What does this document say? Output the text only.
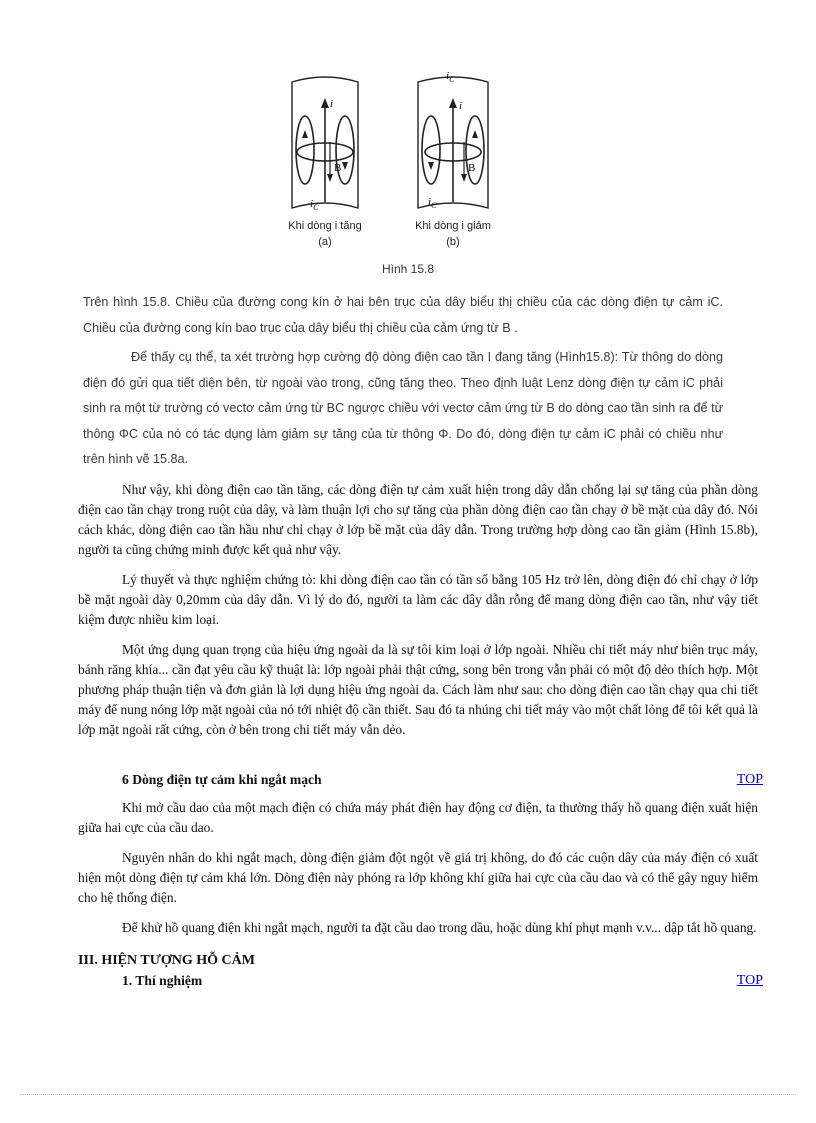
i
B
$i_C$
Khi dòng i tăng
(a)
$i_C$
i
B
$i_C$
Khi dòng i giảm
(b)
Hình 15.8

Trên hình 15.8. Chiều của đường cong kín ở hai bên trục của dây biểu thị chiều của các dòng điện tự cảm iC. Chiều của đường cong kín bao trục của dây biểu thị chiều của cảm ứng từ B .

Để thấy cụ thể, ta xét trường hợp cường độ dòng điện cao tần I đang tăng (Hình15.8): Từ thông do dòng điện đó gửi qua tiết diện bên, từ ngoài vào trong, cũng tăng theo. Theo định luật Lenz dòng điện tự cảm iC phải sinh ra một từ trường có vectơ cảm ứng từ BC ngược chiều với vectơ cảm ứng từ B do dòng cao tần sinh ra để từ thông ΦC của nó có tác dụng làm giảm sự tăng của từ thông Φ. Do đó, dòng điện tự cảm iC phải có chiều như trên hình vẽ 15.8a.

Như vậy, khi dòng điện cao tần tăng, các dòng điện tự cảm xuất hiện trong dây dẫn chống lại sự tăng của phần dòng điện cao tần chạy trong ruột của dây, và làm thuận lợi cho sự tăng của phần dòng điện cao tần chạy ở bề mặt của dây đó. Nói cách khác, dòng điện cao tần hầu như chỉ chạy ở lớp bề mặt của dây dẫn. Trong trường hợp dòng cao tần giảm (Hình 15.8b), người ta cũng chứng minh được kết quả như vậy.

Lý thuyết và thực nghiệm chứng tỏ: khi dòng điện cao tần có tần số bằng 105 Hz trở lên, dòng điện đó chỉ chạy ở lớp bề mặt ngoài dày 0,20mm của dây dẫn. Vì lý do đó, người ta làm các dây dẫn rỗng để mang dòng điện cao tần, như vậy tiết kiệm được nhiều kim loại.

Một ứng dụng quan trọng của hiệu ứng ngoài da là sự tôi kim loại ở lớp ngoài. Nhiều chi tiết máy như biên trục máy, bánh răng khía... cần đạt yêu cầu kỹ thuật là: lớp ngoài phải thật cứng, song bên trong vẫn phải có một độ dẻo thích hợp. Một phương pháp thuận tiện và đơn giản là lợi dụng hiệu ứng ngoài da. Cách làm như sau: cho dòng điện cao tần chạy qua chi tiết máy để nung nóng lớp mặt ngoài của nó tới nhiệt độ cần thiết. Sau đó ta nhúng chi tiết máy vào một chất lỏng để tôi kết quả là lớp mặt ngoài rất cứng, còn ở bên trong chi tiết máy vẫn dẻo.

6 Dòng điện tự cảm khi ngắt mạch	TOP

Khi mở cầu dao của một mạch điện có chứa máy phát điện hay động cơ điện, ta thường thấy hồ quang điện xuất hiện giữa hai cực của cầu dao.

Nguyên nhân do khi ngắt mạch, dòng điện giảm đột ngột về giá trị không, do đó các cuộn dây của máy điện có xuất hiện một dòng điện tự cảm khá lớn. Dòng điện này phóng ra lớp không khí giữa hai cực của cầu dao và có thể gây nguy hiểm cho hệ thống điện.

Để khử hồ quang điện khi ngắt mạch, người ta đặt cầu dao trong dầu, hoặc dùng khí phụt mạnh v.v... dập tắt hồ quang.

III. HIỆN TƯỢNG HỖ CẢM
1. Thí nghiệm	TOP
